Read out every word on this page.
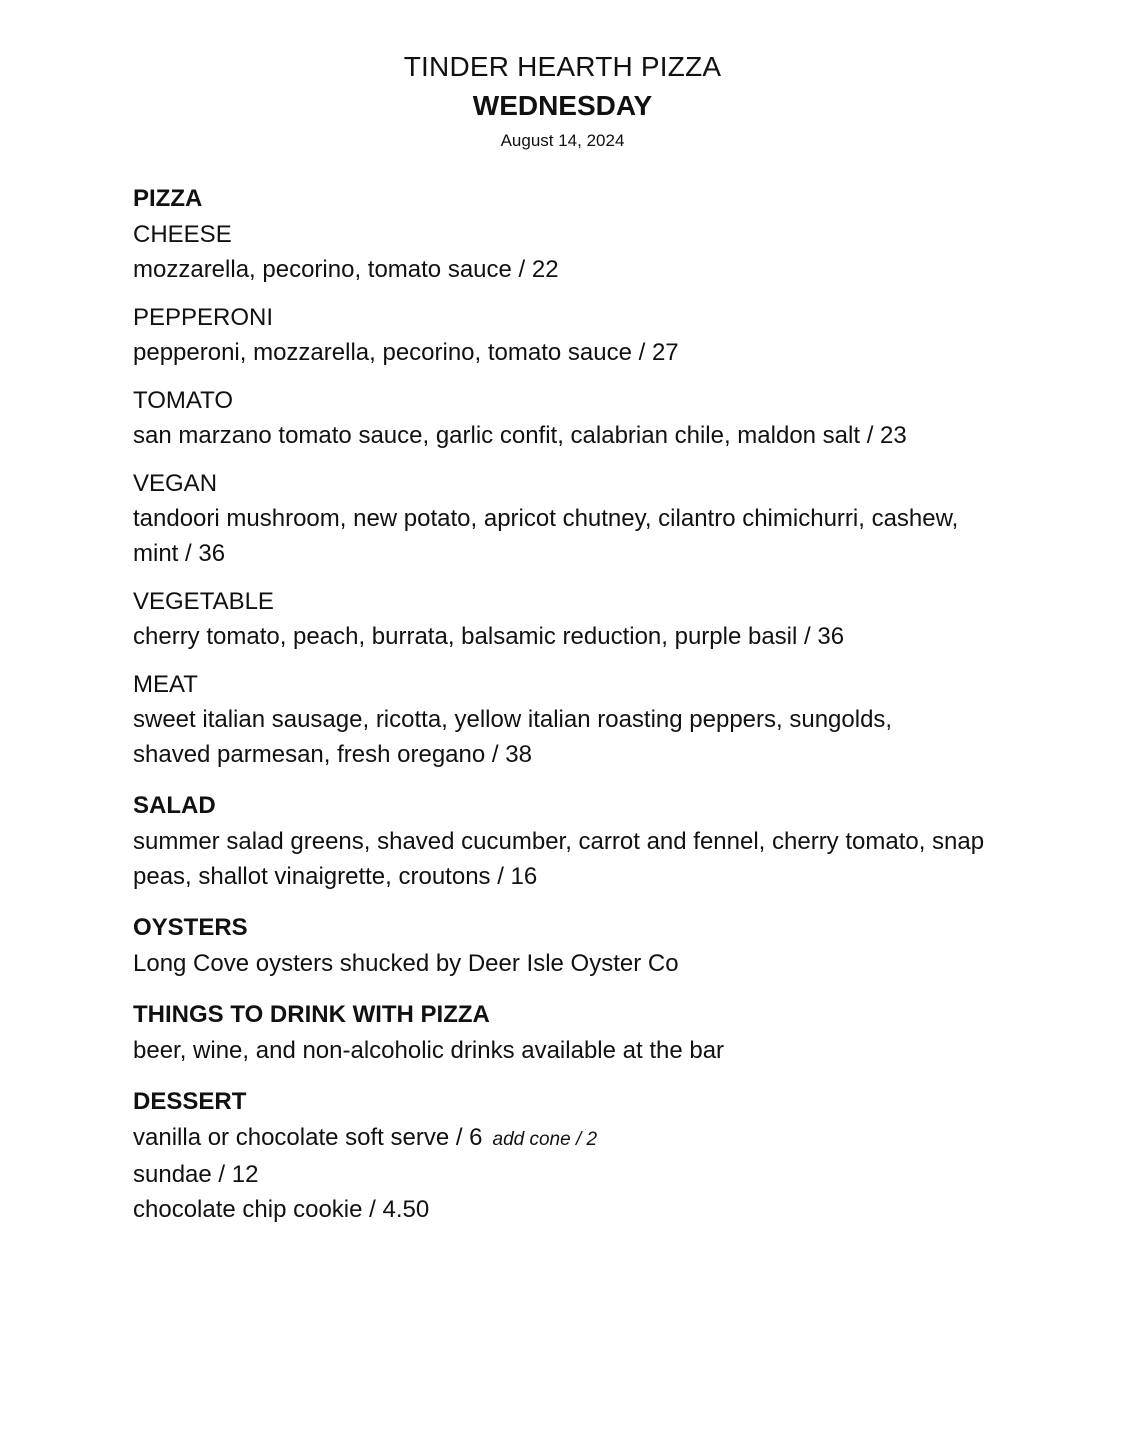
TINDER HEARTH PIZZA
WEDNESDAY
August 14, 2024
PIZZA
CHEESE
mozzarella, pecorino, tomato sauce / 22
PEPPERONI
pepperoni, mozzarella, pecorino, tomato sauce / 27
TOMATO
san marzano tomato sauce, garlic confit, calabrian chile, maldon salt / 23
VEGAN
tandoori mushroom, new potato, apricot chutney, cilantro chimichurri, cashew, mint / 36
VEGETABLE
cherry tomato, peach, burrata, balsamic reduction, purple basil / 36
MEAT
sweet italian sausage, ricotta, yellow italian roasting peppers, sungolds, shaved parmesan, fresh oregano / 38
SALAD
summer salad greens, shaved cucumber, carrot and fennel, cherry tomato, snap peas, shallot vinaigrette, croutons / 16
OYSTERS
Long Cove oysters shucked by Deer Isle Oyster Co
THINGS TO DRINK WITH PIZZA
beer, wine, and non-alcoholic drinks available at the bar
DESSERT
vanilla or chocolate soft serve / 6 add cone / 2
sundae / 12
chocolate chip cookie / 4.50
